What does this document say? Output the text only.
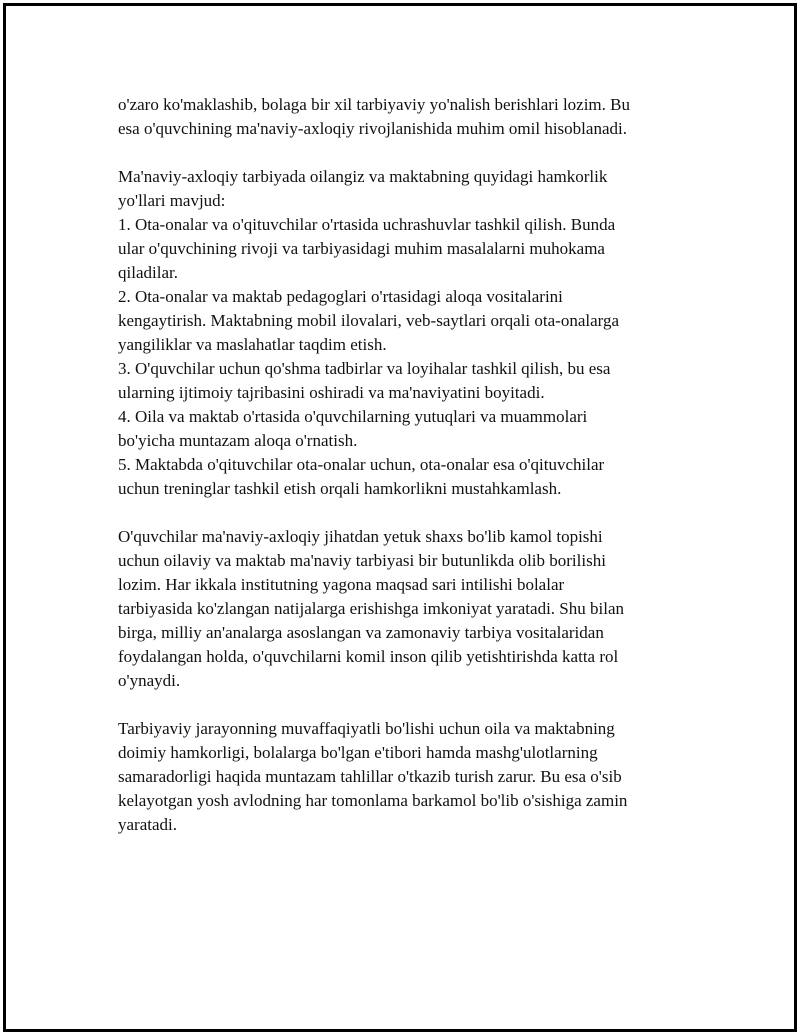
o'zaro ko'maklashib, bolaga bir xil tarbiyaviy yo'nalish berishlari lozim. Bu
esa o'quvchining ma'naviy-axloqiy rivojlanishida muhim omil hisoblanadi.

Ma'naviy-axloqiy tarbiyada oilangiz va maktabning quyidagi hamkorlik
yo'llari mavjud:
1. Ota-onalar va o'qituvchilar o'rtasida uchrashuvlar tashkil qilish. Bunda
ular o'quvchining rivoji va tarbiyasidagi muhim masalalarni muhokama
qiladilar.
2. Ota-onalar va maktab pedagoglari o'rtasidagi aloqa vositalarini
kengaytirish. Maktabning mobil ilovalari, veb-saytlari orqali ota-onalarga
yangiliklar va maslahatlar taqdim etish.
3. O'quvchilar uchun qo'shma tadbirlar va loyihalar tashkil qilish, bu esa
ularning ijtimoiy tajribasini oshiradi va ma'naviyatini boyitadi.
4. Oila va maktab o'rtasida o'quvchilarning yutuqlari va muammolari
bo'yicha muntazam aloqa o'rnatish.
5. Maktabda o'qituvchilar ota-onalar uchun, ota-onalar esa o'qituvchilar
uchun treninglar tashkil etish orqali hamkorlikni mustahkamlash.

O'quvchilar ma'naviy-axloqiy jihatdan yetuk shaxs bo'lib kamol topishi
uchun oilaviy va maktab ma'naviy tarbiyasi bir butunlikda olib borilishi
lozim. Har ikkala institutning yagona maqsad sari intilishi bolalar
tarbiyasida ko'zlangan natijalarga erishishga imkoniyat yaratadi. Shu bilan
birga, milliy an'analarga asoslangan va zamonaviy tarbiya vositalaridan
foydalangan holda, o'quvchilarni komil inson qilib yetishtirishda katta rol
o'ynaydi.

Tarbiyaviy jarayonning muvaffaqiyatli bo'lishi uchun oila va maktabning
doimiy hamkorligi, bolalarga bo'lgan e'tibori hamda mashg'ulotlarning
samaradorligi haqida muntazam tahlillar o'tkazib turish zarur. Bu esa o'sib
kelayotgan yosh avlodning har tomonlama barkamol bo'lib o'sishiga zamin
yaratadi.
